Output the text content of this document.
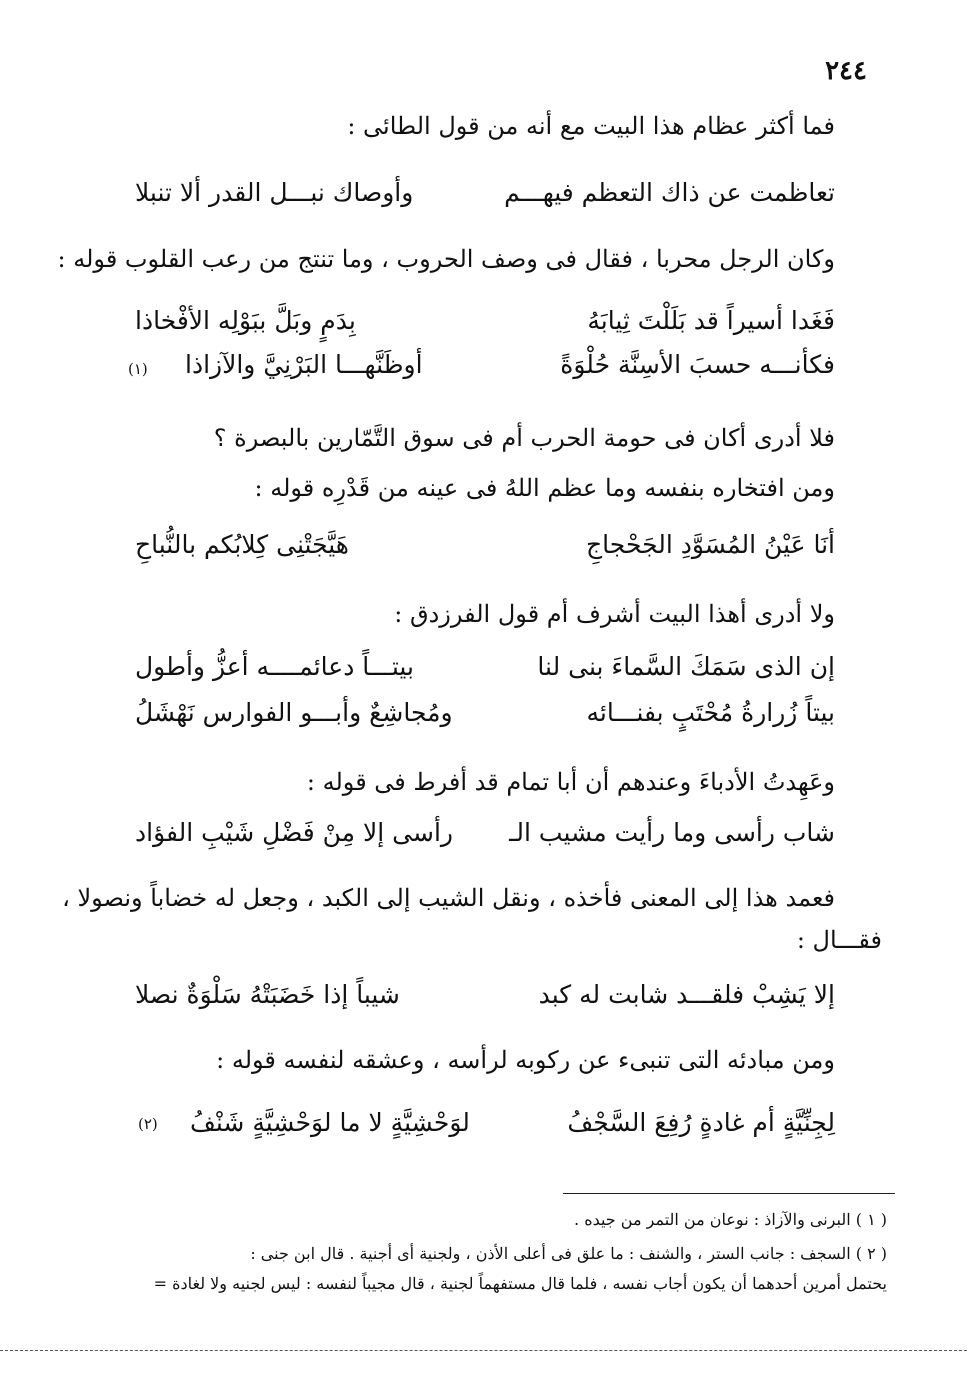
٢٤٤
فما أكثر عظام هذا البيت مع أنه من قول الطائى :
تعاظمت عن ذاك التعظم فيهـــم
وأوصاك نبـــل القدر ألا تنبلا
وكان الرجل محربا ، فقال فى وصف الحروب ، وما تنتج من رعب القلوب قوله :
فَغَدا أسيراً قد بَلَلْتَ ثِيابَهُ
بِدَمٍ وبَلَّ ببَوْلِه الأفْخاذا
فكأنـــه حسبَ الأسِنَّة حُلْوَةً
أوظَنَّهـــا البَرْنِيَّ والآزاذا
(١)
فلا أدرى أكان فى حومة الحرب أم فى سوق التَّمّارين بالبصرة ؟
ومن افتخاره بنفسه وما عظم اللهُ فى عينه من قَدْرِه قوله :
أنَا عَيْنُ المُسَوَّدِ الجَحْجاجِ
هَيَّجَتْنِى كِلابُكم بالنُّباحِ
ولا أدرى أهذا البيت أشرف أم قول الفرزدق :
إن الذى سَمَكَ السَّماءَ بنى لنا
بيتـــاً دعائمــــه أعزُّ وأطول
بيتاً زُرارةُ مُحْتَبٍ بفنـــائه
ومُجاشِعٌ وأبـــو الفوارس نَهْشَلُ
وعَهِدتُ الأدباءَ وعندهم أن أبا تمام قد أفرط فى قوله :
شاب رأسى وما رأيت مشيب الـ
رأسى إلا مِنْ فَضْلِ شَيْبِ الفؤاد
فعمد هذا إلى المعنى فأخذه ، ونقل الشيب إلى الكبد ، وجعل له خضاباً ونصولا ،
فقـــال :
إلا يَشِبْ فلقـــد شابت له كبد
شيباً إذا خَضَبَتْهُ سَلْوَةٌ نصلا
ومن مبادئه التى تنبىء عن ركوبه لرأسه ، وعشقه لنفسه قوله :
لِجِنِّيَّةٍ أم غادةٍ رُفِعَ السَّجْفُ
لوَحْشِيَّةٍ لا ما لوَحْشِيَّةٍ شَنْفُ
(٢)
( ١ ) البرنى والآزاذ : نوعان من التمر من جيده .
( ٢ ) السجف : جانب الستر ، والشنف : ما علق فى أعلى الأذن ، ولجنية أى أجنية . قال ابن جنى :
يحتمل أمرين أحدهما أن يكون أجاب نفسه ، فلما قال مستفهماً لجنية ، قال مجيباً لنفسه : ليس لجنيه ولا لغادة =
